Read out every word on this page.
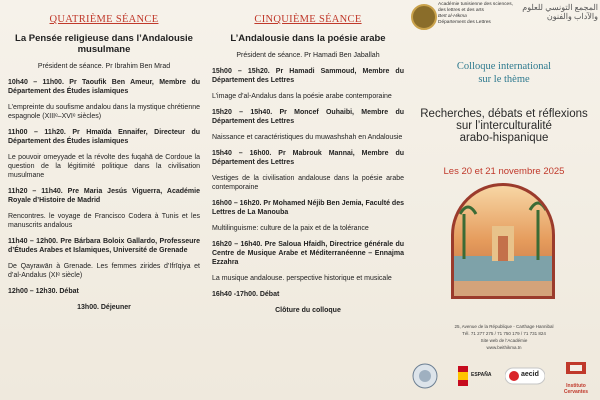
QUATRIÈME SÉANCE
La Pensée religieuse dans l’Andalousie musulmane
Président de séance. Pr Ibrahim Ben Mrad
10h40 – 11h00. Pr Taoufik Ben Ameur, Membre du Département des Études islamiques
L’empreinte du soufisme andalou dans la mystique chrétienne espagnole (XIIIᵉ–XVIᵉ siècles)
11h00 – 11h20. Pr Hmaïda Ennaifer, Directeur du Département des Études islamiques
Le pouvoir omeyyade et la révolte des fuqahā de Cordoue la question de la légitimité politique dans la civilisation musulmane
11h20 – 11h40. Pre Maria Jesús Viguerra, Académie Royale d’Histoire de Madrid
Rencontres. le voyage de Francisco Codera à Tunis et les manuscrits andalous
11h40 – 12h00. Pre Bárbara Boloix Gallardo, Professeure d’Études Arabes et Islamiques, Université de Grenade
De Qayrawān à Grenade. Les femmes zirides d’Ifrīqiya et d’al-Andalus (XIᵉ siècle)
12h00 – 12h30. Débat
13h00. Déjeuner
CINQUIÈME SÉANCE
L’Andalousie dans la poésie arabe
Président de séance. Pr Hamadi Ben Jaballah
15h00 – 15h20. Pr Hamadi Sammoud, Membre du Département des Lettres
L’image d’al-Andalus dans la poésie arabe contemporaine
15h20 – 15h40. Pr Moncef Ouhaibi, Membre du Département des Lettres
Naissance et caractéristiques du muwashshah en Andalousie
15h40 – 16h00. Pr Mabrouk Mannai, Membre du Département des Lettres
Vestiges de la civilisation andalouse dans la poésie arabe contemporaine
16h00 – 16h20. Pr Mohamed Néjib Ben Jemia, Faculté des Lettres de La Manouba
Multilinguisme: culture de la paix et de la tolérance
16h20 – 16h40. Pre Saloua Hfaidh, Directrice générale du Centre de Musique Arabe et Méditerranéenne – Ennajma Ezzahra
La musique andalouse. perspective historique et musicale
16h40 -17h00. Débat
Clôture du colloque
Académie tunisienne des sciences,
des lettres et des arts
Beït al-Hikma
Département des Lettres
المجمع التونسي للعلوم والآداب والفنون
Colloque international
sur le thème
Recherches, débats et réflexions
sur l’interculturalité
arabo-hispanique
Les 20 et 21 novembre 2025
25, Avenue de la République - Carthage Hannibal
Tél. 71 277 275 / 71 750 179 / 71 731 824
Site web de l’Académie
www.beithikma.tn
ESPAÑA	aecid
Instituto
Cervantes
